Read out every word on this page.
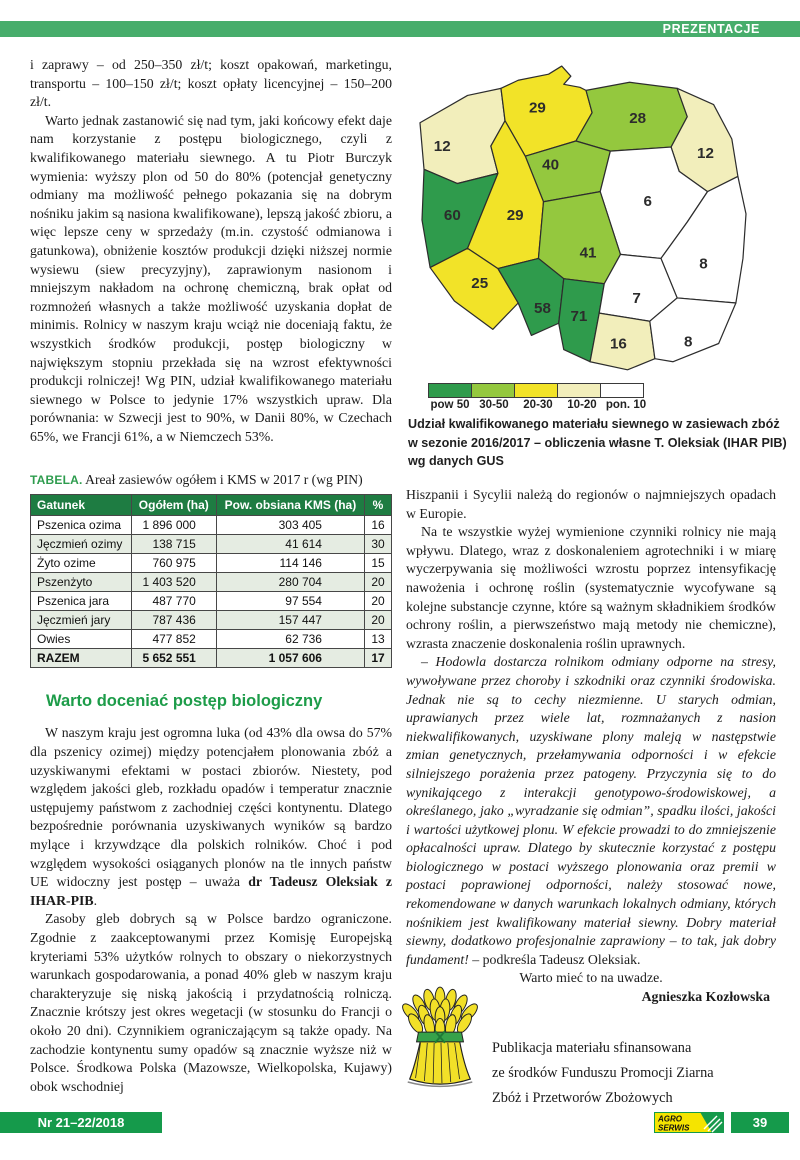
PREZENTACJE

i zaprawy – od 250–350 zł/t; koszt opakowań, marketingu, transportu – 100–150 zł/t; koszt opłaty licencyjnej – 150–200 zł/t.

Warto jednak zastanowić się nad tym, jaki końcowy efekt daje nam korzystanie z postępu biologicznego, czyli z kwalifikowanego materiału siewnego. A tu Piotr Burczyk wymienia: wyższy plon od 50 do 80% (potencjał genetyczny odmiany ma możliwość pełnego pokazania się na dobrym nośniku jakim są nasiona kwalifikowane), lepszą jakość zbioru, a więc lepsze ceny w sprzedaży (m.in. czystość odmianowa i gatunkowa), obniżenie kosztów produkcji dzięki niższej normie wysiewu (siew precyzyjny), zaprawionym nasionom i mniejszym nakładom na ochronę chemiczną, brak opłat od rozmnożeń własnych a także możliwość uzyskania dopłat de minimis. Rolnicy w naszym kraju wciąż nie doceniają faktu, że wszystkich środków produkcji, postęp biologiczny w największym stopniu przekłada się na wzrost efektywności produkcji rolniczej! Wg PIN, udział kwalifikowanego materiału siewnego w Polsce to jedynie 17% wszystkich upraw. Dla porównania: w Szwecji jest to 90%, w Danii 80%, w Czechach 65%, we Francji 61%, a w Niemczech 53%.

TABELA. Areał zasiewów ogółem i KMS w 2017 r (wg PIN)
Gatunek	Ogółem (ha)	Pow. obsiana KMS (ha)	%
Pszenica ozima	1 896 000	303 405	16
Jęczmień ozimy	138 715	41 614	30
Żyto ozime	760 975	114 146	15
Pszenżyto	1 403 520	280 704	20
Pszenica jara	487 770	97 554	20
Jęczmień jary	787 436	157 447	20
Owies	477 852	62 736	13
RAZEM	5 652 551	1 057 606	17
Warto doceniać postęp biologiczny

W naszym kraju jest ogromna luka (od 43% dla owsa do 57% dla pszenicy ozimej) między potencjałem plonowania zbóż a uzyskiwanymi efektami w postaci zbiorów. Niestety, pod względem jakości gleb, rozkładu opadów i temperatur znacznie ustępujemy państwom z zachodniej części kontynentu. Dlatego bezpośrednie porównania uzyskiwanych wyników są bardzo mylące i krzywdzące dla polskich rolników. Choć i pod względem wysokości osiąganych plonów na tle innych państw UE widoczny jest postęp – uważa dr Tadeusz Oleksiak z IHAR-PIB.

Zasoby gleb dobrych są w Polsce bardzo ograniczone. Zgodnie z zaakceptowanymi przez Komisję Europejską kryteriami 53% użytków rolnych to obszary o niekorzystnych warunkach gospodarowania, a ponad 40% gleb w naszym kraju charakteryzuje się niską jakością i przydatnością rolniczą. Znacznie krótszy jest okres wegetacji (w stosunku do Francji o około 20 dni). Czynnikiem ograniczającym są także opady. Na zachodzie kontynentu sumy opadów są znacznie wyższe niż w Polsce. Środkowa Polska (Mazowsze, Wielkopolska, Kujawy) obok wschodniej

12
29
28
12
40
6
60	29
41
8
25
58 71
7
16	8
pow 50 30-50	20-30	10-20 pon. 10
Udział kwalifikowanego materiału siewnego w zasiewach zbóż
w sezonie 2016/2017 – obliczenia własne T. Oleksiak (IHAR PIB)
wg danych GUS

Hiszpanii i Sycylii należą do regionów o najmniejszych opadach w Europie.

Na te wszystkie wyżej wymienione czynniki rolnicy nie mają wpływu. Dlatego, wraz z doskonaleniem agrotechniki i w miarę wyczerpywania się możliwości wzrostu poprzez intensyfikację nawożenia i ochronę roślin (systematycznie wycofywane są kolejne substancje czynne, które są ważnym składnikiem środków ochrony roślin, a pierwszeństwo mają metody nie chemiczne), wzrasta znaczenie doskonalenia roślin uprawnych.

– Hodowla dostarcza rolnikom odmiany odporne na stresy, wywoływane przez choroby i szkodniki oraz czynniki środowiska. Jednak nie są to cechy niezmienne. U starych odmian, uprawianych przez wiele lat, rozmnażanych z nasion niekwalifikowanych, uzyskiwane plony maleją w następstwie zmian genetycznych, przełamywania odporności i w efekcie silniejszego porażenia przez patogeny. Przyczynia się to do wynikającego z interakcji genotypowo-środowiskowej, a określanego, jako „wyradzanie się odmian”, spadku ilości, jakości i wartości użytkowej plonu. W efekcie prowadzi to do zmniejszenie opłacalności upraw. Dlatego by skutecznie korzystać z postępu biologicznego w postaci wyższego plonowania oraz premii w postaci poprawionej odporności, należy stosować nowe, rekomendowane w danych warunkach lokalnych odmiany, których nośnikiem jest kwalifikowany materiał siewny. Dobry materiał siewny, dodatkowo profesjonalnie zaprawiony – to tak, jak dobry fundament! – podkreśla Tadeusz Oleksiak.

Warto mieć to na uwadze.

Agnieszka Kozłowska

Publikacja materiału sfinansowana
ze środków Funduszu Promocji Ziarna
Zbóż i Przetworów Zbożowych
Nr 21–22/2018	AGRO
SERWIS	39
